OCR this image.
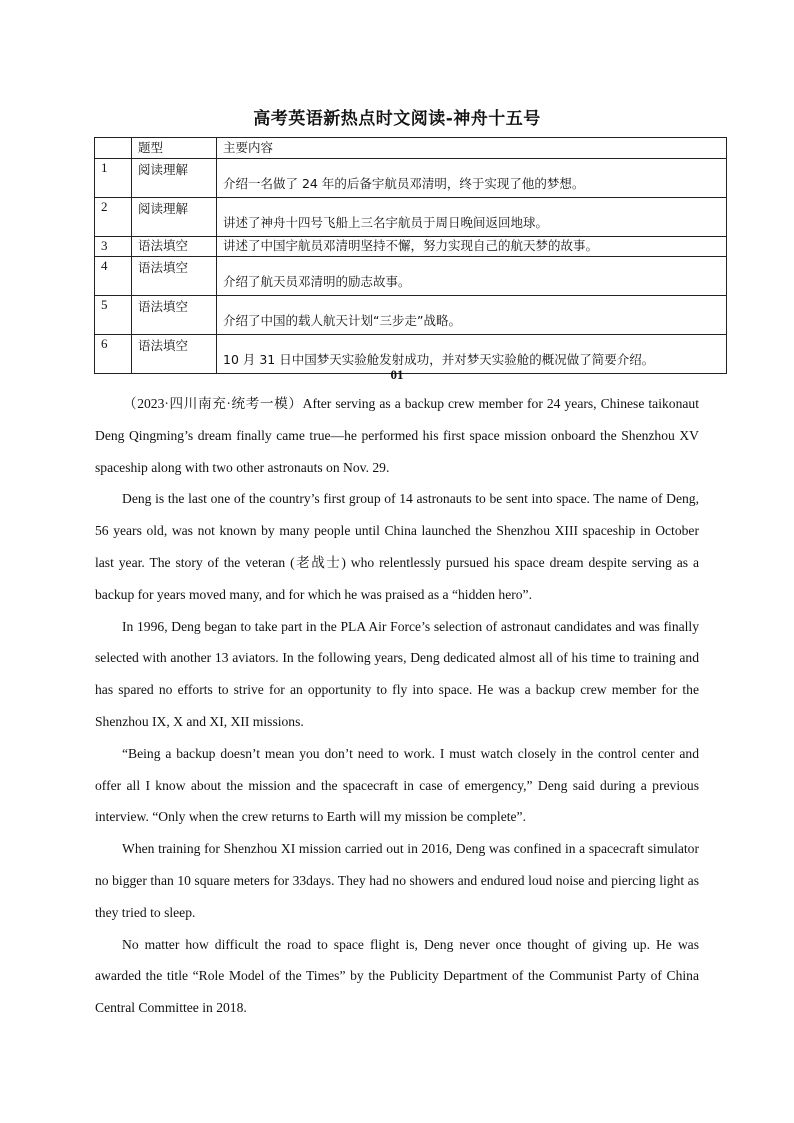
高考英语新热点时文阅读-神舟十五号
	题型	主要内容
1	阅读理解	介绍一名做了 24 年的后备宇航员邓清明，终于实现了他的梦想。
2	阅读理解	讲述了神舟十四号飞船上三名宇航员于周日晚间返回地球。
3	语法填空	讲述了中国宇航员邓清明坚持不懈，努力实现自己的航天梦的故事。
4	语法填空	介绍了航天员邓清明的励志故事。
5	语法填空	介绍了中国的载人航天计划“三步走”战略。
6	语法填空	10 月 31 日中国梦天实验舱发射成功，并对梦天实验舱的概况做了简要介绍。
01

（2023·四川南充·统考一模）After serving as a backup crew member for 24 years, Chinese taikonaut Deng Qingming’s dream finally came true—he performed his first space mission onboard the Shenzhou XV spaceship along with two other astronauts on Nov. 29.

Deng is the last one of the country’s first group of 14 astronauts to be sent into space. The name of Deng, 56 years old, was not known by many people until China launched the Shenzhou XIII spaceship in October last year. The story of the veteran (老战士) who relentlessly pursued his space dream despite serving as a backup for years moved many, and for which he was praised as a “hidden hero”.

In 1996, Deng began to take part in the PLA Air Force’s selection of astronaut candidates and was finally selected with another 13 aviators. In the following years, Deng dedicated almost all of his time to training and has spared no efforts to strive for an opportunity to fly into space. He was a backup crew member for the Shenzhou IX, X and XI, XII missions.

“Being a backup doesn’t mean you don’t need to work. I must watch closely in the control center and offer all I know about the mission and the spacecraft in case of emergency,” Deng said during a previous interview. “Only when the crew returns to Earth will my mission be complete”.

When training for Shenzhou XI mission carried out in 2016, Deng was confined in a spacecraft simulator no bigger than 10 square meters for 33days. They had no showers and endured loud noise and piercing light as they tried to sleep.

No matter how difficult the road to space flight is, Deng never once thought of giving up. He was awarded the title “Role Model of the Times” by the Publicity Department of the Communist Party of China Central Committee in 2018.
